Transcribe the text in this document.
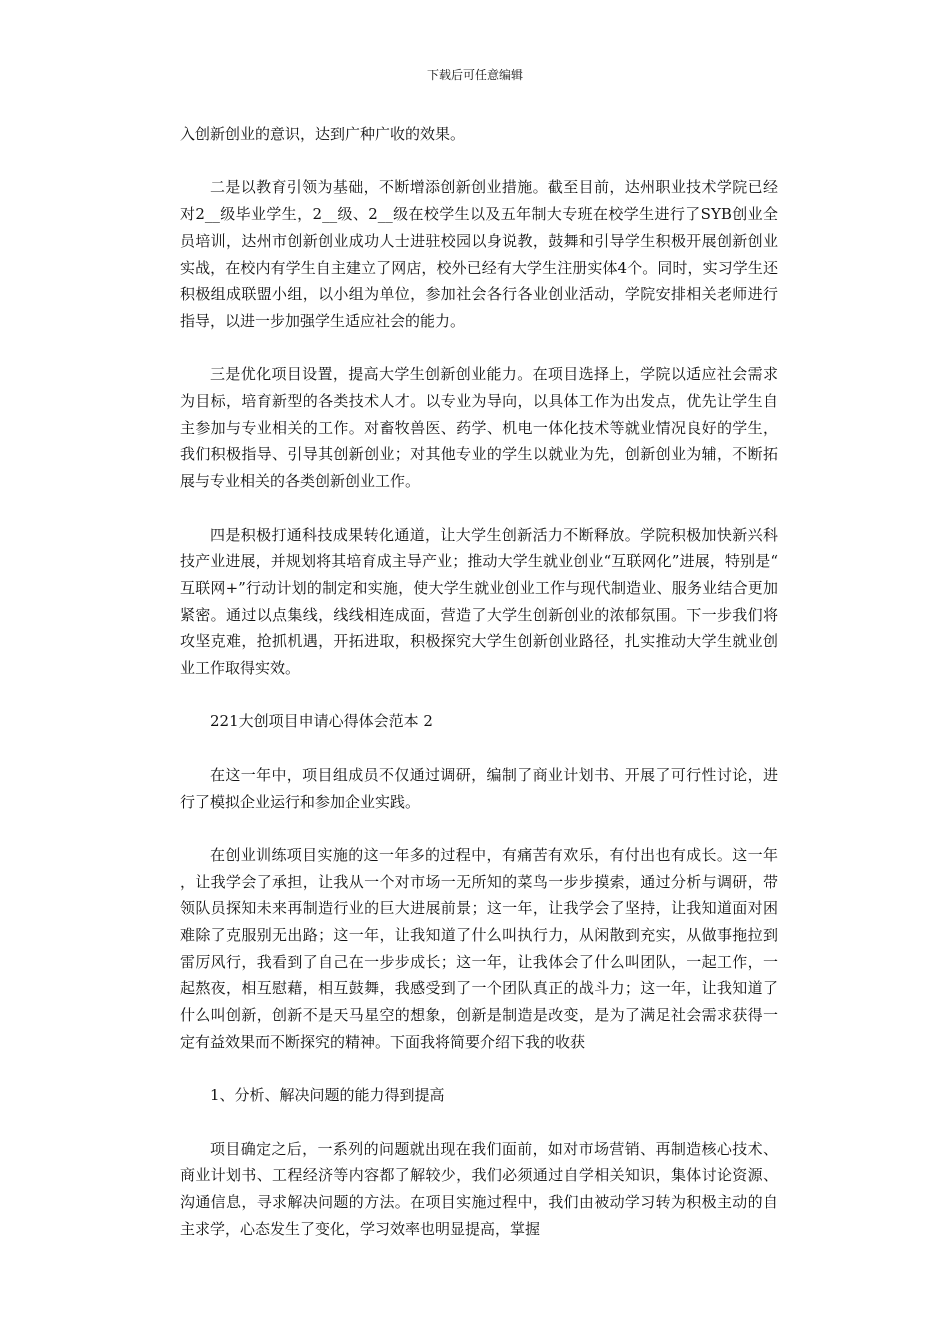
下载后可任意编辑

入创新创业的意识，达到广种广收的效果。

二是以教育引领为基础，不断增添创新创业措施。截至目前，达州职业技术学院已经对2__级毕业学生，2__级、2__级在校学生以及五年制大专班在校学生进行了SYB创业全员培训，达州市创新创业成功人士进驻校园以身说教，鼓舞和引导学生积极开展创新创业实战，在校内有学生自主建立了网店，校外已经有大学生注册实体4个。同时，实习学生还积极组成联盟小组，以小组为单位，参加社会各行各业创业活动，学院安排相关老师进行指导，以进一步加强学生适应社会的能力。

三是优化项目设置，提高大学生创新创业能力。在项目选择上，学院以适应社会需求为目标，培育新型的各类技术人才。以专业为导向，以具体工作为出发点，优先让学生自主参加与专业相关的工作。对畜牧兽医、药学、机电一体化技术等就业情况良好的学生，我们积极指导、引导其创新创业；对其他专业的学生以就业为先，创新创业为辅，不断拓展与专业相关的各类创新创业工作。

四是积极打通科技成果转化通道，让大学生创新活力不断释放。学院积极加快新兴科技产业进展，并规划将其培育成主导产业；推动大学生就业创业“互联网化”进展，特别是“互联网+”行动计划的制定和实施，使大学生就业创业工作与现代制造业、服务业结合更加紧密。通过以点集线，线线相连成面，营造了大学生创新创业的浓郁氛围。下一步我们将攻坚克难，抢抓机遇，开拓进取，积极探究大学生创新创业路径，扎实推动大学生就业创业工作取得实效。

221大创项目申请心得体会范本 2

在这一年中，项目组成员不仅通过调研，编制了商业计划书、开展了可行性讨论，进行了模拟企业运行和参加企业实践。

在创业训练项目实施的这一年多的过程中，有痛苦有欢乐，有付出也有成长。这一年，让我学会了承担，让我从一个对市场一无所知的菜鸟一步步摸索，通过分析与调研，带领队员探知未来再制造行业的巨大进展前景；这一年，让我学会了坚持，让我知道面对困难除了克服别无出路；这一年，让我知道了什么叫执行力，从闲散到充实，从做事拖拉到雷厉风行，我看到了自己在一步步成长；这一年，让我体会了什么叫团队，一起工作，一起熬夜，相互慰藉，相互鼓舞，我感受到了一个团队真正的战斗力；这一年，让我知道了什么叫创新，创新不是天马星空的想象，创新是制造是改变，是为了满足社会需求获得一定有益效果而不断探究的精神。下面我将简要介绍下我的收获

1、分析、解决问题的能力得到提高

项目确定之后，一系列的问题就出现在我们面前，如对市场营销、再制造核心技术、商业计划书、工程经济等内容都了解较少，我们必须通过自学相关知识，集体讨论资源、沟通信息，寻求解决问题的方法。在项目实施过程中，我们由被动学习转为积极主动的自主求学，心态发生了变化，学习效率也明显提高，掌握
